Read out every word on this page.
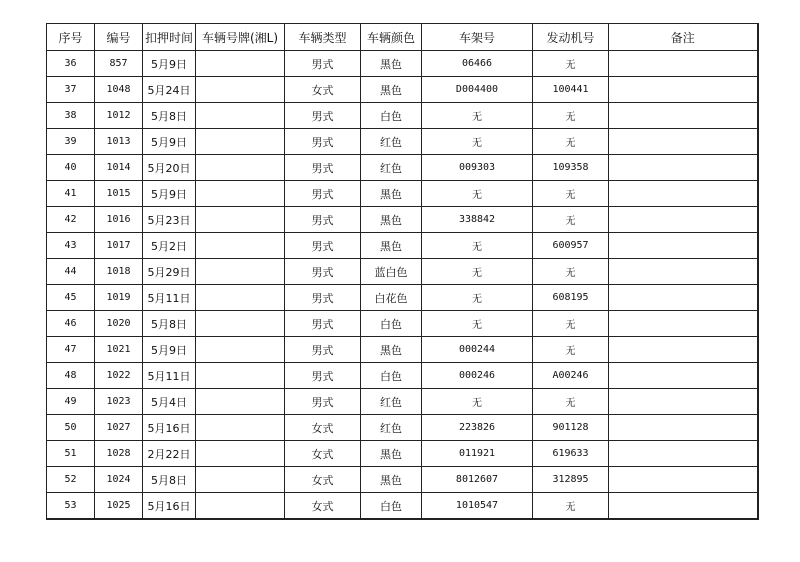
序号	编号	扣押时间	车辆号牌(湘L)	车辆类型	车辆颜色	车架号	发动机号	备注
36	857	5月9日		男式	黑色	06466	无	
37	1048	5月24日		女式	黑色	D004400	100441	
38	1012	5月8日		男式	白色	无	无	
39	1013	5月9日		男式	红色	无	无	
40	1014	5月20日		男式	红色	009303	109358	
41	1015	5月9日		男式	黑色	无	无	
42	1016	5月23日		男式	黑色	338842	无	
43	1017	5月2日		男式	黑色	无	600957	
44	1018	5月29日		男式	蓝白色	无	无	
45	1019	5月11日		男式	白花色	无	608195	
46	1020	5月8日		男式	白色	无	无	
47	1021	5月9日		男式	黑色	000244	无	
48	1022	5月11日		男式	白色	000246	A00246	
49	1023	5月4日		男式	红色	无	无	
50	1027	5月16日		女式	红色	223826	901128	
51	1028	2月22日		女式	黑色	011921	619633	
52	1024	5月8日		女式	黑色	8012607	312895	
53	1025	5月16日		女式	白色	1010547	无	
